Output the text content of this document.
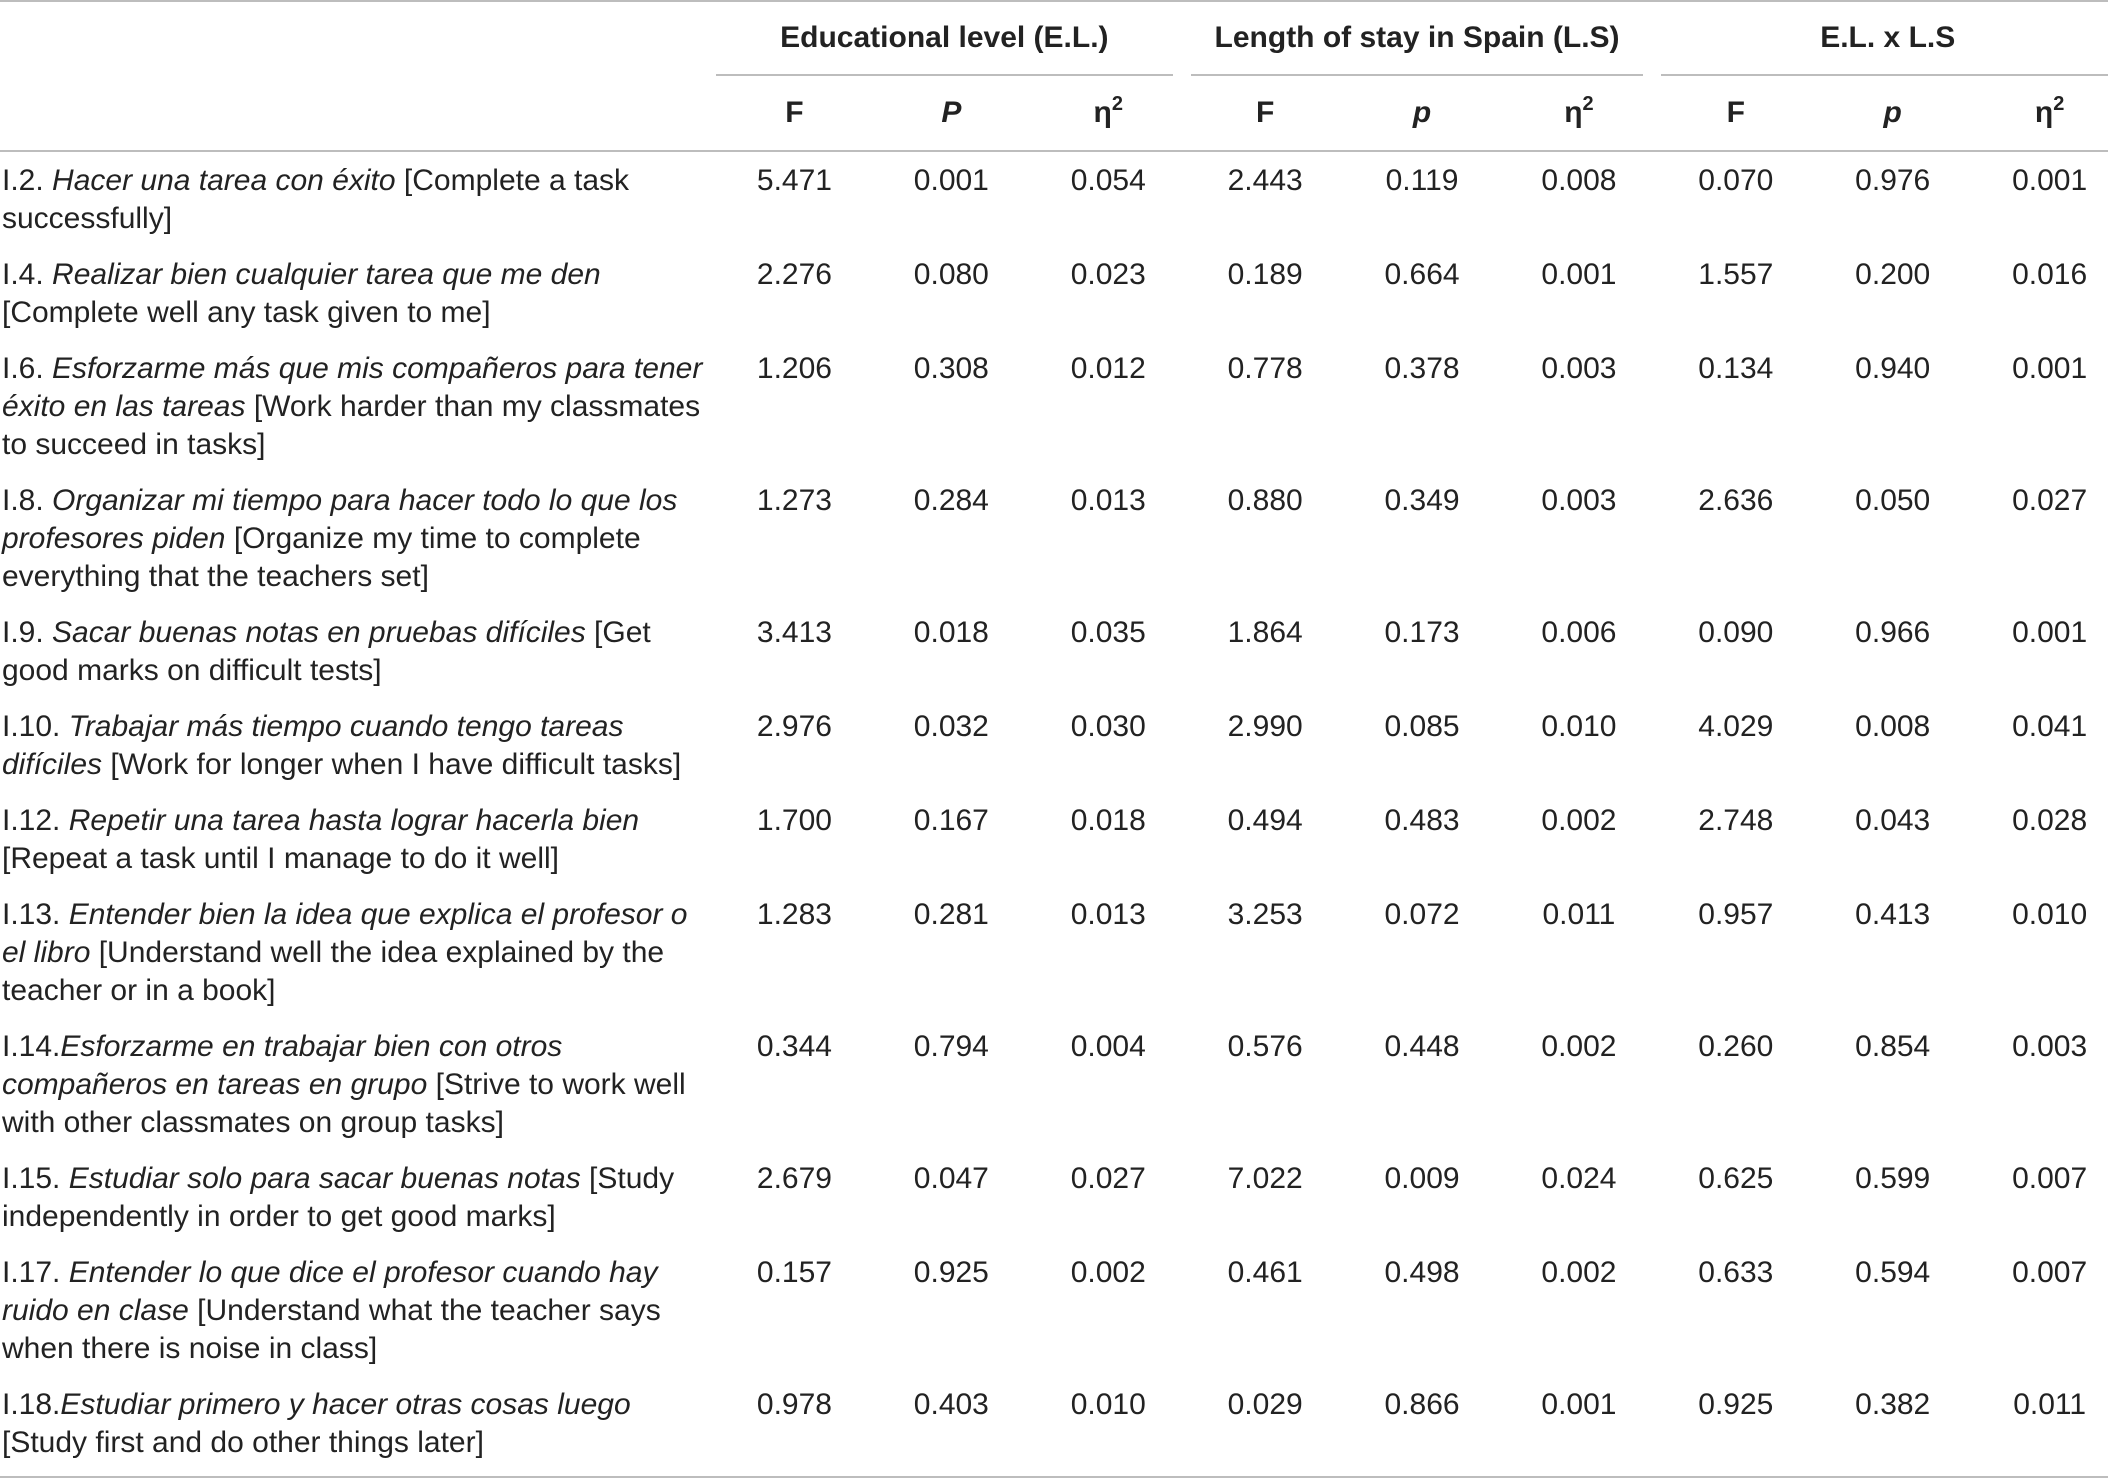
	Educational level (E.L.)			Length of stay in Spain (L.S)			E.L. x L.S		

	F	P	$\eta^2$	F	p	$\eta^2$	F	p	$\eta^2$
I.2. Hacer una tarea con éxito [Complete a task successfully]	5.471	0.001	0.054	2.443	0.119	0.008	0.070	0.976	0.001
I.4. Realizar bien cualquier tarea que me den [Complete well any task given to me]	2.276	0.080	0.023	0.189	0.664	0.001	1.557	0.200	0.016
I.6. Esforzarme más que mis compañeros para tener éxito en las tareas [Work harder than my classmates to succeed in tasks]	1.206	0.308	0.012	0.778	0.378	0.003	0.134	0.940	0.001
I.8. Organizar mi tiempo para hacer todo lo que los profesores piden [Organize my time to complete everything that the teachers set]	1.273	0.284	0.013	0.880	0.349	0.003	2.636	0.050	0.027
I.9. Sacar buenas notas en pruebas difíciles [Get good marks on difficult tests]	3.413	0.018	0.035	1.864	0.173	0.006	0.090	0.966	0.001
I.10. Trabajar más tiempo cuando tengo tareas difíciles [Work for longer when I have difficult tasks]	2.976	0.032	0.030	2.990	0.085	0.010	4.029	0.008	0.041
I.12. Repetir una tarea hasta lograr hacerla bien [Repeat a task until I manage to do it well]	1.700	0.167	0.018	0.494	0.483	0.002	2.748	0.043	0.028
I.13. Entender bien la idea que explica el profesor o el libro [Understand well the idea explained by the teacher or in a book]	1.283	0.281	0.013	3.253	0.072	0.011	0.957	0.413	0.010
I.14.Esforzarme en trabajar bien con otros compañeros en tareas en grupo [Strive to work well with other classmates on group tasks]	0.344	0.794	0.004	0.576	0.448	0.002	0.260	0.854	0.003
I.15. Estudiar solo para sacar buenas notas [Study independently in order to get good marks]	2.679	0.047	0.027	7.022	0.009	0.024	0.625	0.599	0.007
I.17. Entender lo que dice el profesor cuando hay ruido en clase [Understand what the teacher says when there is noise in class]	0.157	0.925	0.002	0.461	0.498	0.002	0.633	0.594	0.007
I.18.Estudiar primero y hacer otras cosas luego [Study first and do other things later]	0.978	0.403	0.010	0.029	0.866	0.001	0.925	0.382	0.011
